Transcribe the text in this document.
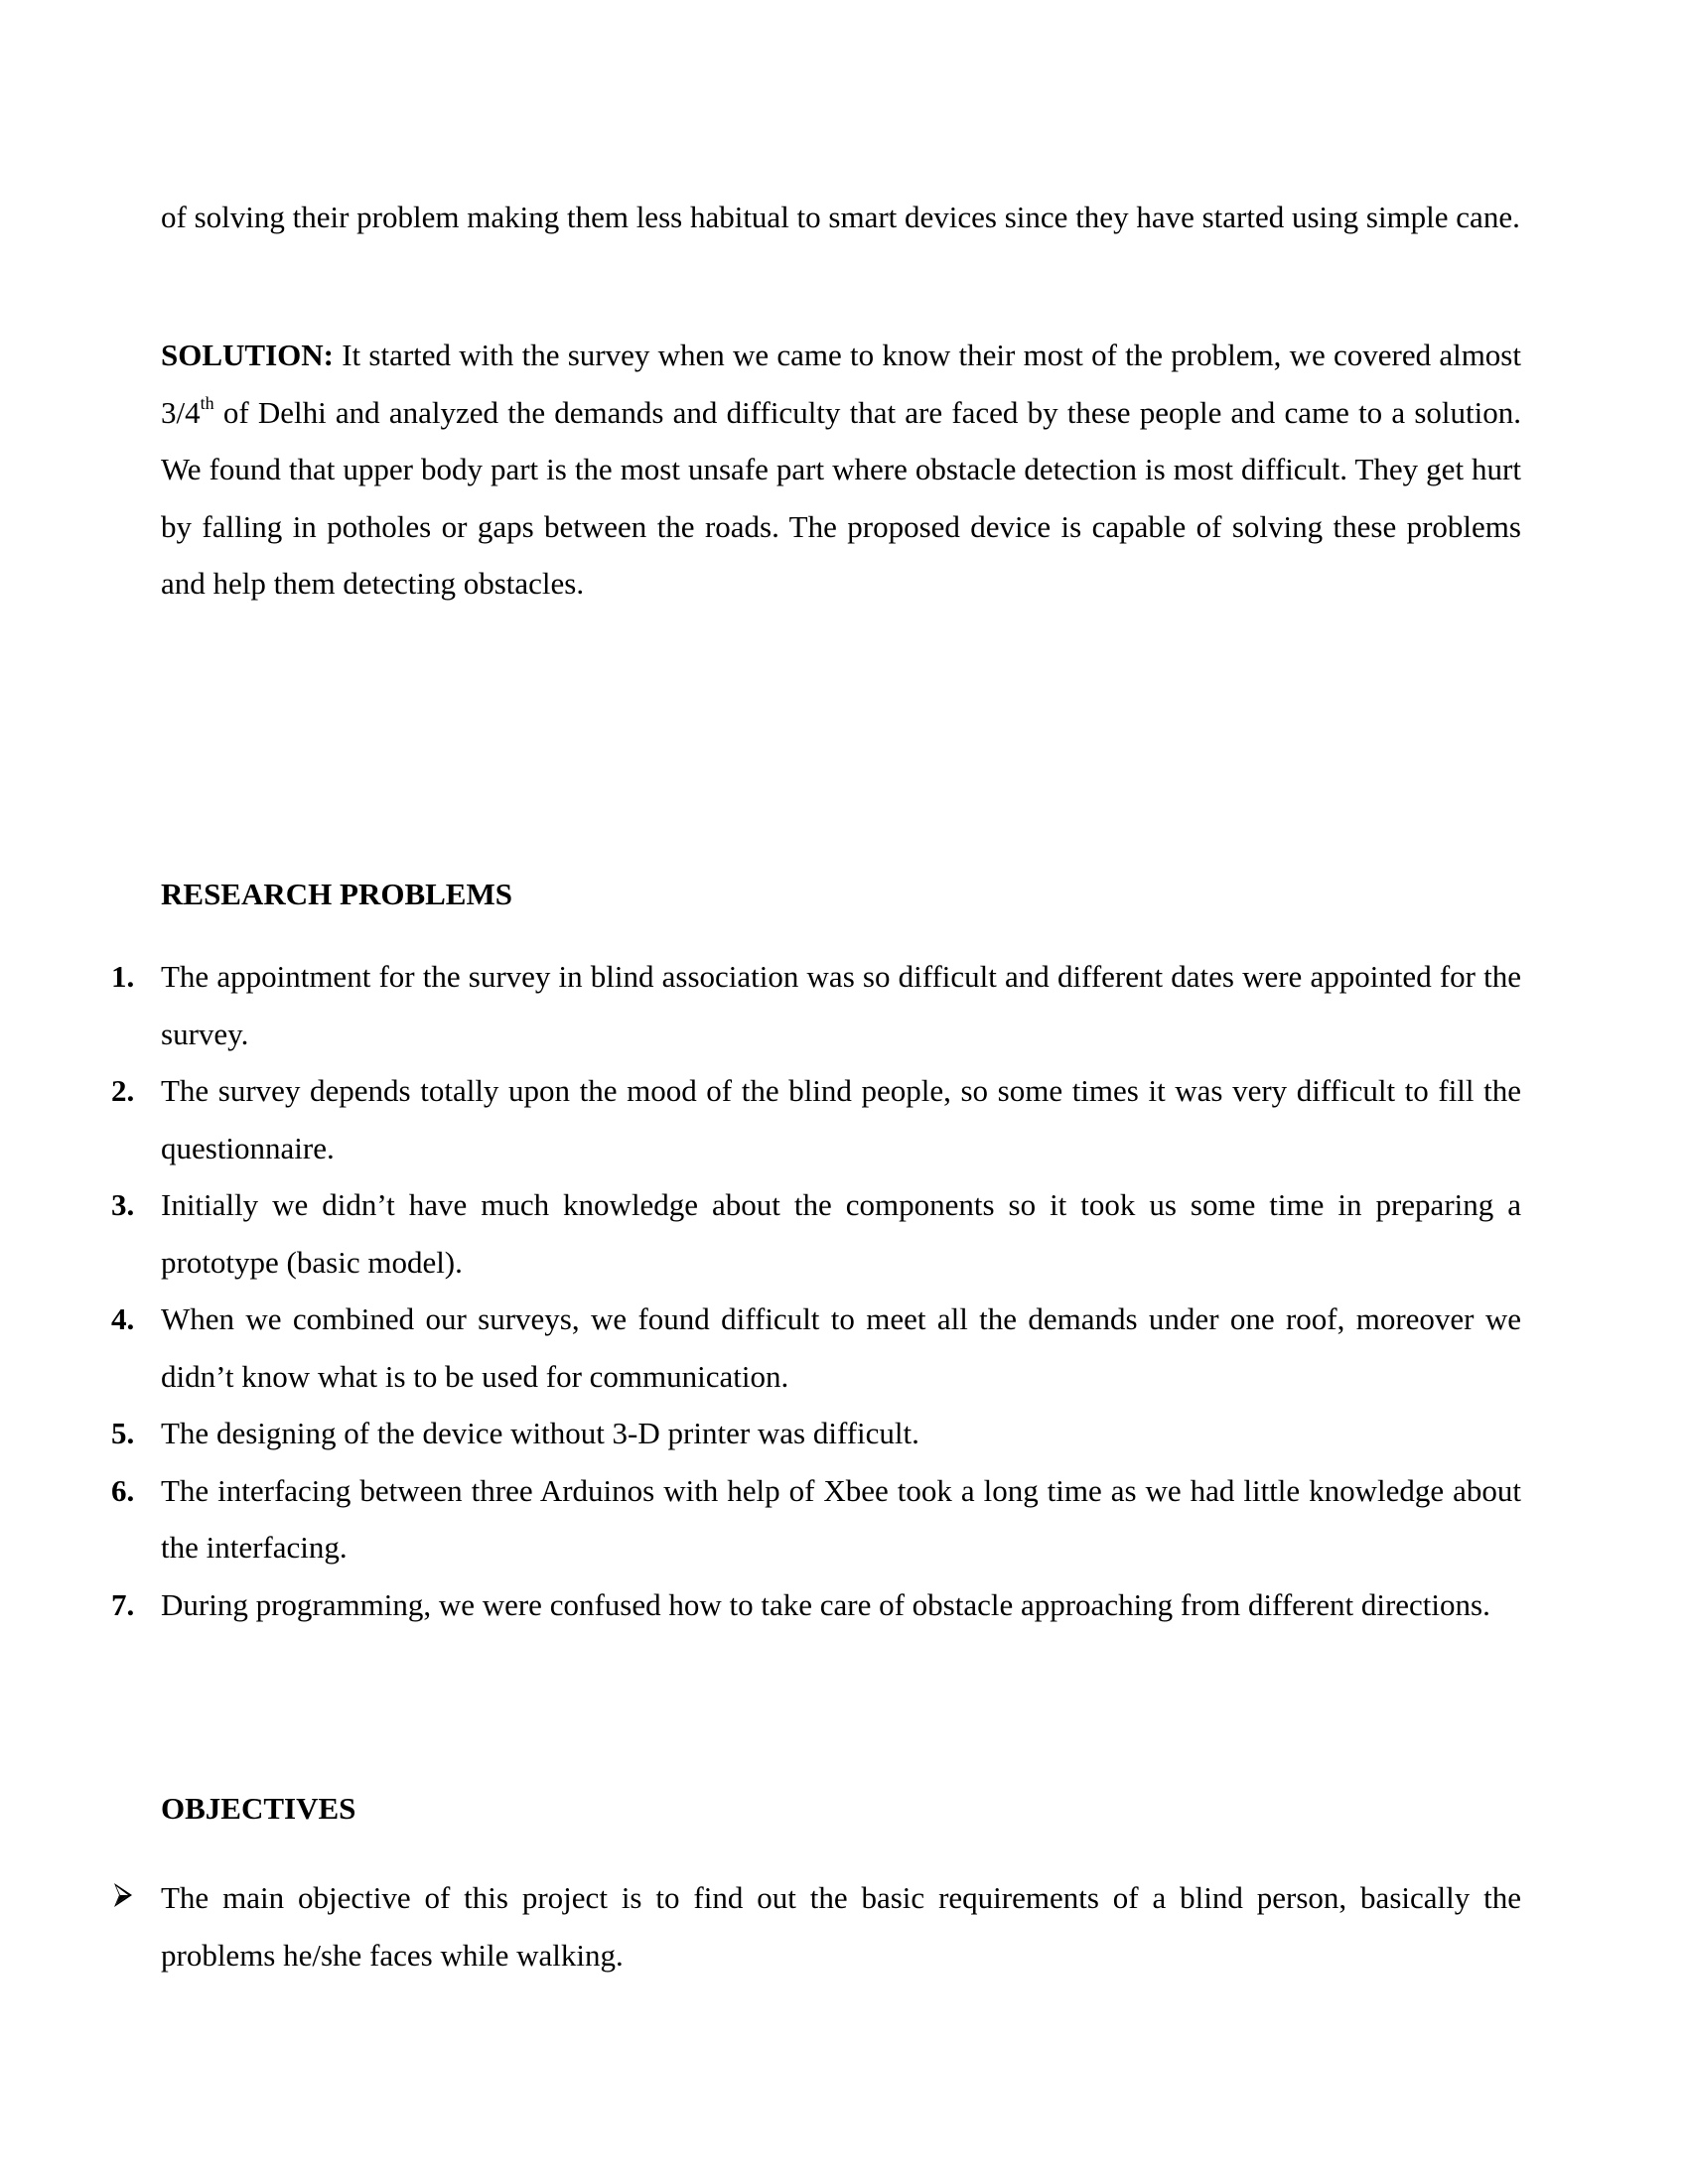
of solving their problem making them less habitual to smart devices since they have started using simple cane.

SOLUTION: It started with the survey when we came to know their most of the problem, we covered almost 3/4th of Delhi and analyzed the demands and difficulty that are faced by these people and came to a solution. We found that upper body part is the most unsafe part where obstacle detection is most difficult. They get hurt by falling in potholes or gaps between the roads. The proposed device is capable of solving these problems and help them detecting obstacles.

RESEARCH PROBLEMS
1. The appointment for the survey in blind association was so difficult and different dates were appointed for the survey.

2. The survey depends totally upon the mood of the blind people, so some times it was very difficult to fill the questionnaire.

3. Initially we didn’t have much knowledge about the components so it took us some time in preparing a prototype (basic model).

4. When we combined our surveys, we found difficult to meet all the demands under one roof, moreover we didn’t know what is to be used for communication.

5. The designing of the device without 3-D printer was difficult.

6. The interfacing between three Arduinos with help of Xbee took a long time as we had little knowledge about the interfacing.

7. During programming, we were confused how to take care of obstacle approaching from different directions.

OBJECTIVES

The main objective of this project is to find out the basic requirements of a blind person, basically the problems he/she faces while walking.
